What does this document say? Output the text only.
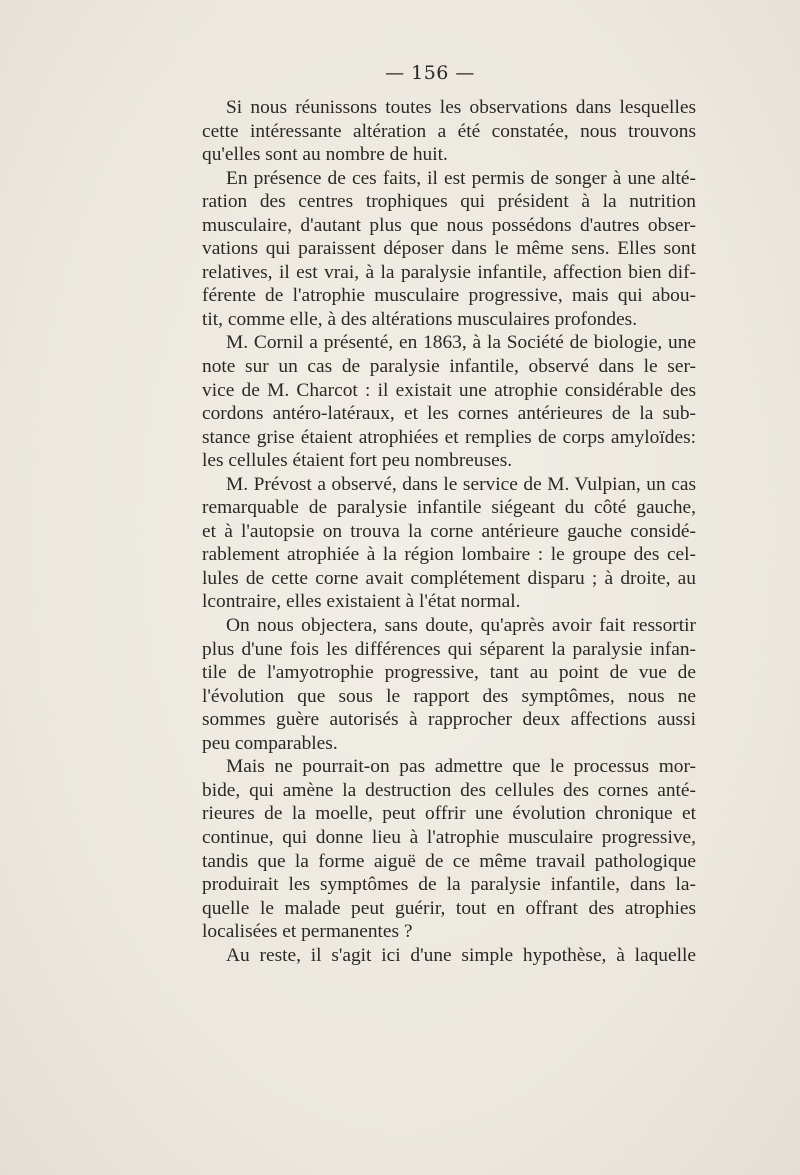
— 156 —
Si nous réunissons toutes les observations dans lesquelles
cette intéressante altération a été constatée, nous trouvons
qu'elles sont au nombre de huit.
En présence de ces faits, il est permis de songer à une alté-
ration des centres trophiques qui président à la nutrition
musculaire, d'autant plus que nous possédons d'autres obser-
vations qui paraissent déposer dans le même sens. Elles sont
relatives, il est vrai, à la paralysie infantile, affection bien dif-
férente de l'atrophie musculaire progressive, mais qui abou-
tit, comme elle, à des altérations musculaires profondes.
M. Cornil a présenté, en 1863, à la Société de biologie, une
note sur un cas de paralysie infantile, observé dans le ser-
vice de M. Charcot : il existait une atrophie considérable des
cordons antéro-latéraux, et les cornes antérieures de la sub-
stance grise étaient atrophiées et remplies de corps amyloïdes:
les cellules étaient fort peu nombreuses.
M. Prévost a observé, dans le service de M. Vulpian, un cas
remarquable de paralysie infantile siégeant du côté gauche,
et à l'autopsie on trouva la corne antérieure gauche considé-
rablement atrophiée à la région lombaire : le groupe des cel-
lules de cette corne avait complétement disparu ; à droite, au
lcontraire, elles existaient à l'état normal.
On nous objectera, sans doute, qu'après avoir fait ressortir
plus d'une fois les différences qui séparent la paralysie infan-
tile de l'amyotrophie progressive, tant au point de vue de
l'évolution que sous le rapport des symptômes, nous ne
sommes guère autorisés à rapprocher deux affections aussi
peu comparables.
Mais ne pourrait-on pas admettre que le processus mor-
bide, qui amène la destruction des cellules des cornes anté-
rieures de la moelle, peut offrir une évolution chronique et
continue, qui donne lieu à l'atrophie musculaire progressive,
tandis que la forme aiguë de ce même travail pathologique
produirait les symptômes de la paralysie infantile, dans la-
quelle le malade peut guérir, tout en offrant des atrophies
localisées et permanentes ?
Au reste, il s'agit ici d'une simple hypothèse, à laquelle
